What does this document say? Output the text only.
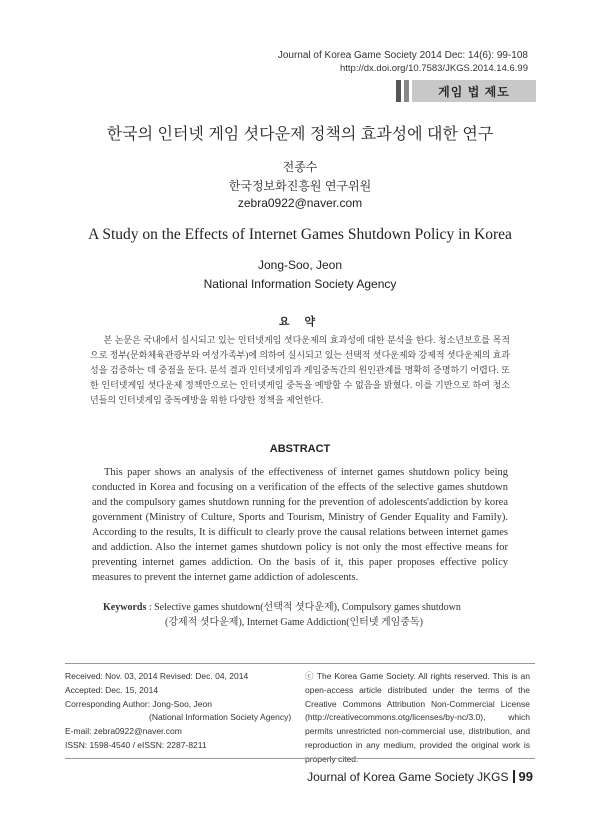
Journal of Korea Game Society 2014 Dec: 14(6): 99-108
http://dx.doi.org/10.7583/JKGS.2014.14.6.99
게임 법 제도
한국의 인터넷 게임 셧다운제 정책의 효과성에 대한 연구
전종수
한국정보화진흥원 연구위원
zebra0922@naver.com
A Study on the Effects of Internet Games Shutdown Policy in Korea
Jong-Soo, Jeon
National Information Society Agency
요 약

본 논문은 국내에서 실시되고 있는 인터넷게임 셧다운제의 효과성에 대한 분석을 한다. 청소년보호를 목적으로 정부(문화체육관광부와 여성가족부)에 의하여 실시되고 있는 선택적 셧다운제와 강제적 셧다운제의 효과성을 검증하는 데 중점을 둔다. 분석 결과 인터넷게임과 게임중독간의 원인관계를 명확히 증명하기 어렵다. 또한 인터넷게임 셧다운제 정책만으로는 인터넷게임 중독을 예방할 수 없음을 밝혔다. 이를 기반으로 하여 청소년들의 인터넷게임 중독예방을 위한 다양한 정책을 제언한다.

ABSTRACT

This paper shows an analysis of the effectiveness of internet games shutdown policy being conducted in Korea and focusing on a verification of the effects of the selective games shutdown and the compulsory games shutdown running for the prevention of adolescents'addiction by korea government (Ministry of Culture, Sports and Tourism, Ministry of Gender Equality and Family). According to the results, It is difficult to clearly prove the causal relations between internet games and addiction. Also the internet games shutdown policy is not only the most effective means for preventing internet games addiction. On the basis of it, this paper proposes effective policy measures to prevent the internet game addiction of adolescents.

Keywords : Selective games shutdown(선택적 셧다운제), Compulsory games shutdown
(강제적 셧다운제), Internet Game Addiction(인터넷 게임중독)
Received: Nov. 03, 2014 Revised: Dec. 04, 2014
Accepted: Dec. 15, 2014
Corresponding Author: Jong-Soo, Jeon
(National Information Society Agency)
E-mail: zebra0922@naver.com
ISSN: 1598-4540 / eISSN: 2287-8211
ⓒ The Korea Game Society. All rights reserved. This is an open-access article distributed under the terms of the Creative Commons Attribution Non-Commercial License (http://creativecommons.otg/licenses/by-nc/3.0), which permits unrestricted non-commercial use, distribution, and reproduction in any medium, provided the original work is properly cited.
Journal of Korea Game Society JKGS 99
